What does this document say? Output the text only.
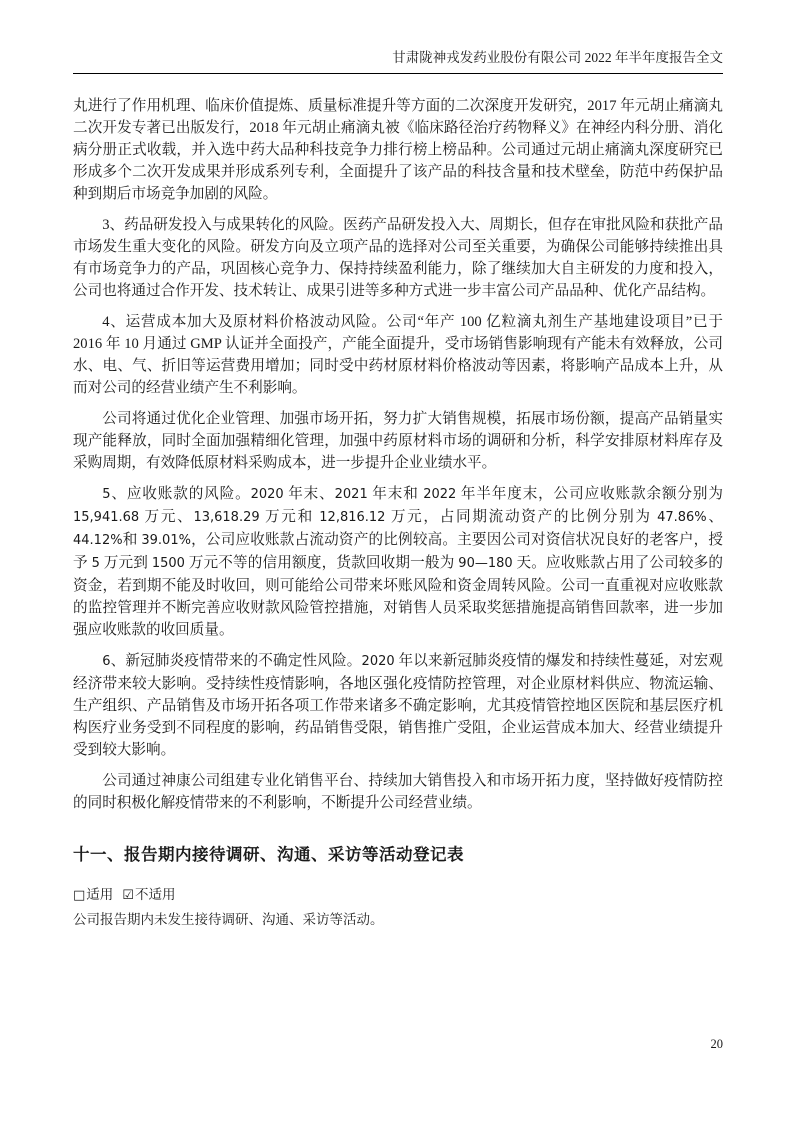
甘肃陇神戎发药业股份有限公司 2022 年半年度报告全文

丸进行了作用机理、临床价值提炼、质量标准提升等方面的二次深度开发研究，2017 年元胡止痛滴丸二次开发专著已出版发行，2018 年元胡止痛滴丸被《临床路径治疗药物释义》在神经内科分册、消化病分册正式收载，并入选中药大品种科技竞争力排行榜上榜品种。公司通过元胡止痛滴丸深度研究已形成多个二次开发成果并形成系列专利，全面提升了该产品的科技含量和技术壁垒，防范中药保护品种到期后市场竞争加剧的风险。

3、药品研发投入与成果转化的风险。医药产品研发投入大、周期长，但存在审批风险和获批产品市场发生重大变化的风险。研发方向及立项产品的选择对公司至关重要，为确保公司能够持续推出具有市场竞争力的产品，巩固核心竞争力、保持持续盈利能力，除了继续加大自主研发的力度和投入，公司也将通过合作开发、技术转让、成果引进等多种方式进一步丰富公司产品品种、优化产品结构。

4、运营成本加大及原材料价格波动风险。公司“年产 100 亿粒滴丸剂生产基地建设项目”已于 2016 年 10 月通过 GMP 认证并全面投产，产能全面提升，受市场销售影响现有产能未有效释放，公司水、电、气、折旧等运营费用增加；同时受中药材原材料价格波动等因素，将影响产品成本上升，从而对公司的经营业绩产生不利影响。

公司将通过优化企业管理、加强市场开拓，努力扩大销售规模，拓展市场份额，提高产品销量实现产能释放，同时全面加强精细化管理，加强中药原材料市场的调研和分析，科学安排原材料库存及采购周期，有效降低原材料采购成本，进一步提升企业业绩水平。

5、应收账款的风险。2020 年末、2021 年末和 2022 年半年度末，公司应收账款余额分别为 15,941.68 万元、13,618.29 万元和 12,816.12 万元，占同期流动资产的比例分别为 47.86%、44.12%和 39.01%，公司应收账款占流动资产的比例较高。主要因公司对资信状况良好的老客户，授予 5 万元到 1500 万元不等的信用额度，货款回收期一般为 90—180 天。应收账款占用了公司较多的资金，若到期不能及时收回，则可能给公司带来坏账风险和资金周转风险。公司一直重视对应收账款的监控管理并不断完善应收财款风险管控措施，对销售人员采取奖惩措施提高销售回款率，进一步加强应收账款的收回质量。

6、新冠肺炎疫情带来的不确定性风险。2020 年以来新冠肺炎疫情的爆发和持续性蔓延，对宏观经济带来较大影响。受持续性疫情影响，各地区强化疫情防控管理，对企业原材料供应、物流运输、生产组织、产品销售及市场开拓各项工作带来诸多不确定影响，尤其疫情管控地区医院和基层医疗机构医疗业务受到不同程度的影响，药品销售受限，销售推广受阻，企业运营成本加大、经营业绩提升受到较大影响。

公司通过神康公司组建专业化销售平台、持续加大销售投入和市场开拓力度，坚持做好疫情防控的同时积极化解疫情带来的不利影响，不断提升公司经营业绩。

十一、报告期内接待调研、沟通、采访等活动登记表
□适用 ☑不适用

公司报告期内未发生接待调研、沟通、采访等活动。

20
